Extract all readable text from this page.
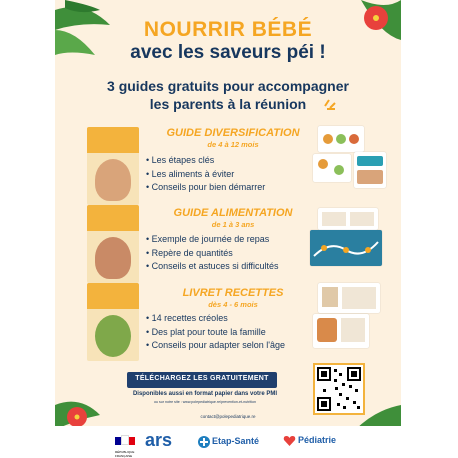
NOURRIR BÉBÉ
avec les saveurs péi !
3 guides gratuits pour accompagner
les parents à la réunion
GUIDE DIVERSIFICATION
de 4 à 12 mois
• Les étapes clés
• Les aliments à éviter
• Conseils pour bien démarrer
GUIDE ALIMENTATION
de 1 à 3 ans
• Exemple de journée de repas
• Repère de quantités
• Conseils et astuces si difficultés
LIVRET RECETTES
dès 4 - 6 mois
• 14 recettes créoles
• Des plat pour toute la famille
• Conseils pour adapter selon l'âge
TÉLÉCHARGEZ LES GRATUITEMENT
Disponibles aussi en format papier dans votre PMI
ou sur notre site : www.polepediatrique.re/prevention-et-nutrition
contact@polepediatrique.re
RÉPUBLIQUE FRANÇAISE
ars	Etap-Santé	Pédiatrie
